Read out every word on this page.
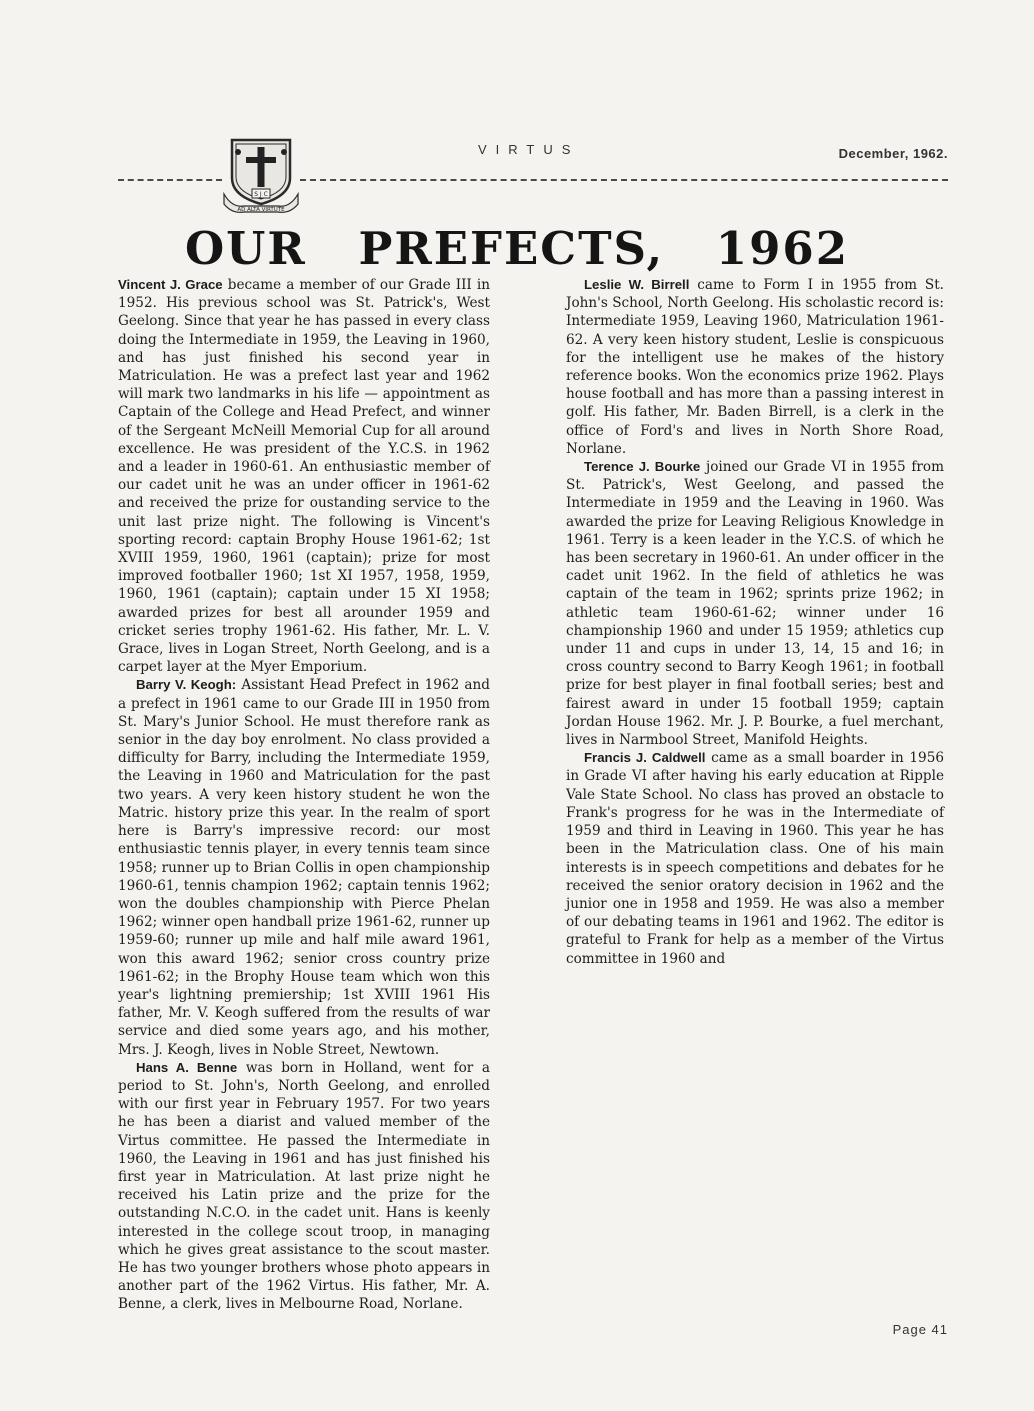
S J C
AD ALTA VIRTUTE
VIRTUS	December, 1962.
OUR PREFECTS, 1962

Vincent J. Grace became a member of our Grade III in 1952. His previous school was St. Patrick's, West Geelong. Since that year he has passed in every class doing the Intermediate in 1959, the Leaving in 1960, and has just finished his second year in Matriculation. He was a prefect last year and 1962 will mark two landmarks in his life — appointment as Captain of the College and Head Prefect, and winner of the Sergeant McNeill Memorial Cup for all around excellence. He was president of the Y.C.S. in 1962 and a leader in 1960-61. An enthusiastic member of our cadet unit he was an under officer in 1961-62 and received the prize for oustanding service to the unit last prize night. The following is Vincent's sporting record: captain Brophy House 1961-62; 1st XVIII 1959, 1960, 1961 (captain); prize for most improved footballer 1960; 1st XI 1957, 1958, 1959, 1960, 1961 (captain); captain under 15 XI 1958; awarded prizes for best all arounder 1959 and cricket series trophy 1961-62. His father, Mr. L. V. Grace, lives in Logan Street, North Geelong, and is a carpet layer at the Myer Emporium.

Barry V. Keogh: Assistant Head Prefect in 1962 and a prefect in 1961 came to our Grade III in 1950 from St. Mary's Junior School. He must therefore rank as senior in the day boy enrolment. No class provided a difficulty for Barry, including the Intermediate 1959, the Leaving in 1960 and Matriculation for the past two years. A very keen history student he won the Matric. history prize this year. In the realm of sport here is Barry's impressive record: our most enthusiastic tennis player, in every tennis team since 1958; runner up to Brian Collis in open championship 1960-61, tennis champion 1962; captain tennis 1962; won the doubles championship with Pierce Phelan 1962; winner open handball prize 1961-62, runner up 1959-60; runner up mile and half mile award 1961, won this award 1962; senior cross country prize 1961-62; in the Brophy House team which won this year's lightning premiership; 1st XVIII 1961 His father, Mr. V. Keogh suffered from the results of war service and died some years ago, and his mother, Mrs. J. Keogh, lives in Noble Street, Newtown.

Hans A. Benne was born in Holland, went for a period to St. John's, North Geelong, and enrolled with our first year in February 1957. For two years he has been a diarist and valued member of the Virtus committee. He passed the Intermediate in 1960, the Leaving in 1961 and has just finished his first year in Matriculation. At last prize night he received his Latin prize and the prize for the outstanding N.C.O. in the cadet unit. Hans is keenly interested in the college scout troop, in managing which he gives great assistance to the scout master. He has two younger brothers whose photo appears in another part of the 1962 Virtus. His father, Mr. A. Benne, a clerk, lives in Melbourne Road, Norlane.

Leslie W. Birrell came to Form I in 1955 from St. John's School, North Geelong. His scholastic record is: Intermediate 1959, Leaving 1960, Matriculation 1961-62. A very keen history student, Leslie is conspicuous for the intelligent use he makes of the history reference books. Won the economics prize 1962. Plays house football and has more than a passing interest in golf. His father, Mr. Baden Birrell, is a clerk in the office of Ford's and lives in North Shore Road, Norlane.

Terence J. Bourke joined our Grade VI in 1955 from St. Patrick's, West Geelong, and passed the Intermediate in 1959 and the Leaving in 1960. Was awarded the prize for Leaving Religious Knowledge in 1961. Terry is a keen leader in the Y.C.S. of which he has been secretary in 1960-61. An under officer in the cadet unit 1962. In the field of athletics he was captain of the team in 1962; sprints prize 1962; in athletic team 1960-61-62; winner under 16 championship 1960 and under 15 1959; athletics cup under 11 and cups in under 13, 14, 15 and 16; in cross country second to Barry Keogh 1961; in football prize for best player in final football series; best and fairest award in under 15 football 1959; captain Jordan House 1962. Mr. J. P. Bourke, a fuel merchant, lives in Narmbool Street, Manifold Heights.

Francis J. Caldwell came as a small boarder in 1956 in Grade VI after having his early education at Ripple Vale State School. No class has proved an obstacle to Frank's progress for he was in the Intermediate of 1959 and third in Leaving in 1960. This year he has been in the Matriculation class. One of his main interests is in speech competitions and debates for he received the senior oratory decision in 1962 and the junior one in 1958 and 1959. He was also a member of our debating teams in 1961 and 1962. The editor is grateful to Frank for help as a member of the Virtus committee in 1960 and

Page 41
